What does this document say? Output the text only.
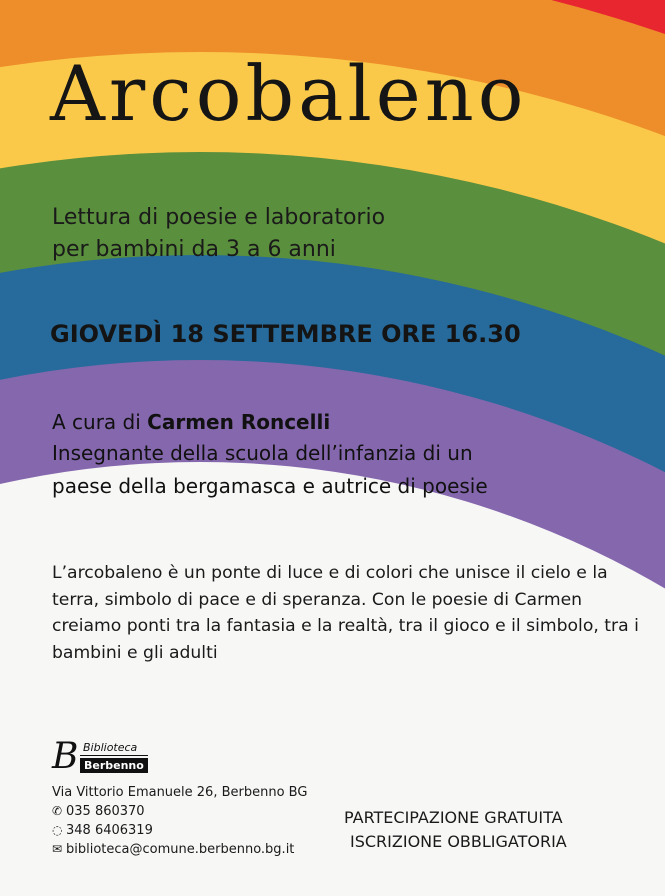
Arcobaleno
Lettura di poesie e laboratorio
per bambini da 3 a 6 anni
GIOVEDÌ 18 SETTEMBRE ORE 16.30
A cura di Carmen Roncelli
Insegnante della scuola dell’infanzia di un
paese della bergamasca e autrice di poesie
L’arcobaleno è un ponte di luce e di colori che unisce il cielo e la terra, simbolo di pace e di speranza. Con le poesie di Carmen creiamo ponti tra la fantasia e la realtà, tra il gioco e il simbolo, tra i bambini e gli adulti
B Biblioteca
Berbenno
Via Vittorio Emanuele 26, Berbenno BG
✆ 035 860370
◌ 348 6406319
✉ biblioteca@comune.berbenno.bg.it
PARTECIPAZIONE GRATUITA
ISCRIZIONE OBBLIGATORIA
